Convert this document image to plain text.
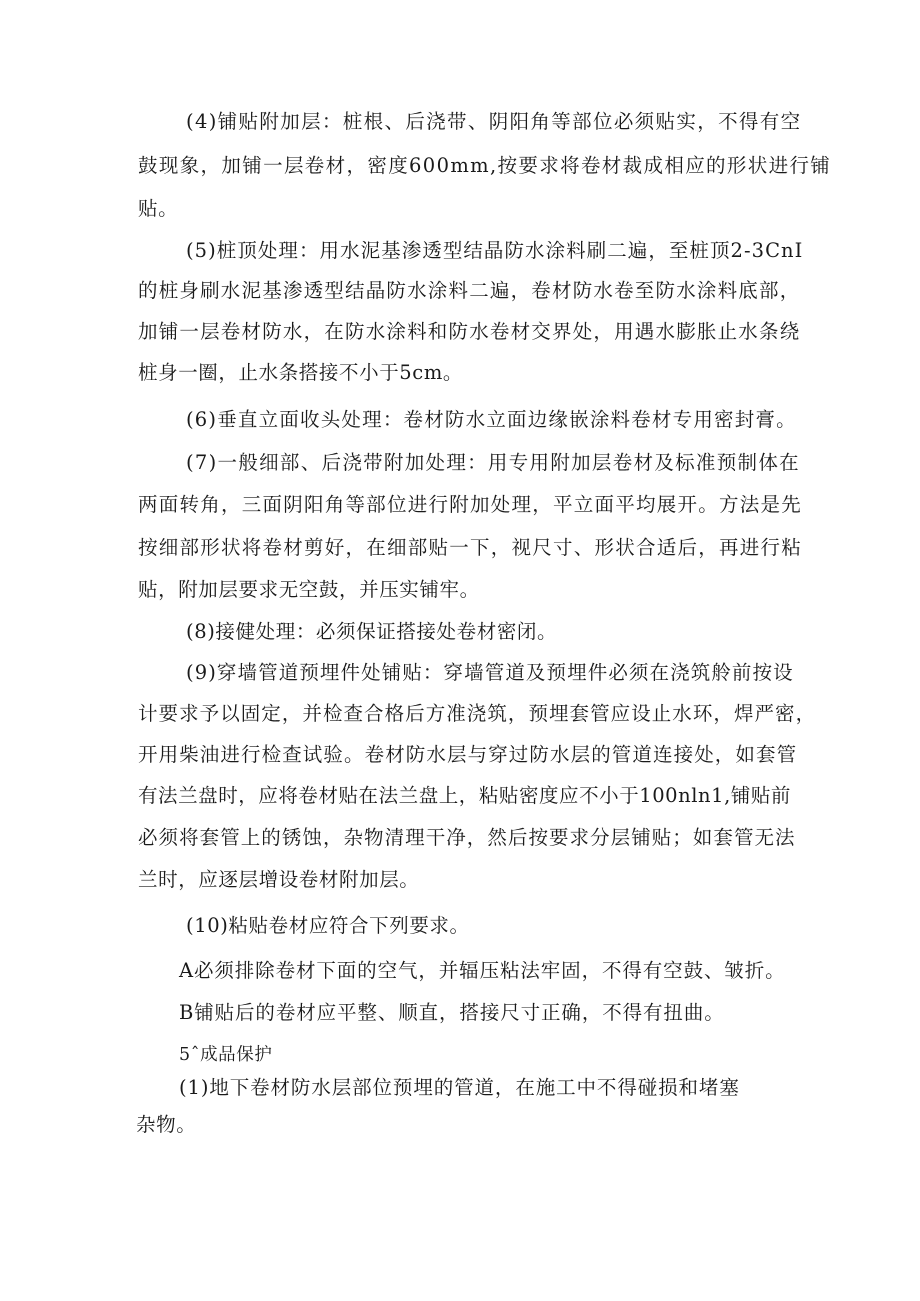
(4)铺贴附加层：桩根、后浇带、阴阳角等部位必须贴实，不得有空
鼓现象，加铺一层卷材，密度600mm,按要求将卷材裁成相应的形状进行铺
贴。
(5)桩顶处理：用水泥基渗透型结晶防水涂料刷二遍，至桩顶2-3CnI
的桩身刷水泥基渗透型结晶防水涂料二遍，卷材防水卷至防水涂料底部，
加铺一层卷材防水，在防水涂料和防水卷材交界处，用遇水膨胀止水条绕
桩身一圈，止水条搭接不小于5cm。
(6)垂直立面收头处理：卷材防水立面边缘嵌涂料卷材专用密封膏。
(7)一般细部、后浇带附加处理：用专用附加层卷材及标准预制体在
两面转角，三面阴阳角等部位进行附加处理，平立面平均展开。方法是先
按细部形状将卷材剪好，在细部贴一下，视尺寸、形状合适后，再进行粘
贴，附加层要求无空鼓，并压实铺牢。
(8)接健处理：必须保证搭接处卷材密闭。
(9)穿墙管道预埋件处铺贴：穿墙管道及预埋件必须在浇筑舲前按设
计要求予以固定，并检查合格后方准浇筑，预埋套管应设止水环，焊严密，
开用柴油进行检查试验。卷材防水层与穿过防水层的管道连接处，如套管
有法兰盘时，应将卷材贴在法兰盘上，粘贴密度应不小于100nln1,铺贴前
必须将套管上的锈蚀，杂物清理干净，然后按要求分层铺贴；如套管无法
兰时，应逐层增设卷材附加层。
(10)粘贴卷材应符合下列要求。
A必须排除卷材下面的空气，并辐压粘法牢固，不得有空鼓、皱折。
B铺贴后的卷材应平整、顺直，搭接尺寸正确，不得有扭曲。
5ˆ成品保护
(1)地下卷材防水层部位预埋的管道，在施工中不得碰损和堵塞
杂物。
